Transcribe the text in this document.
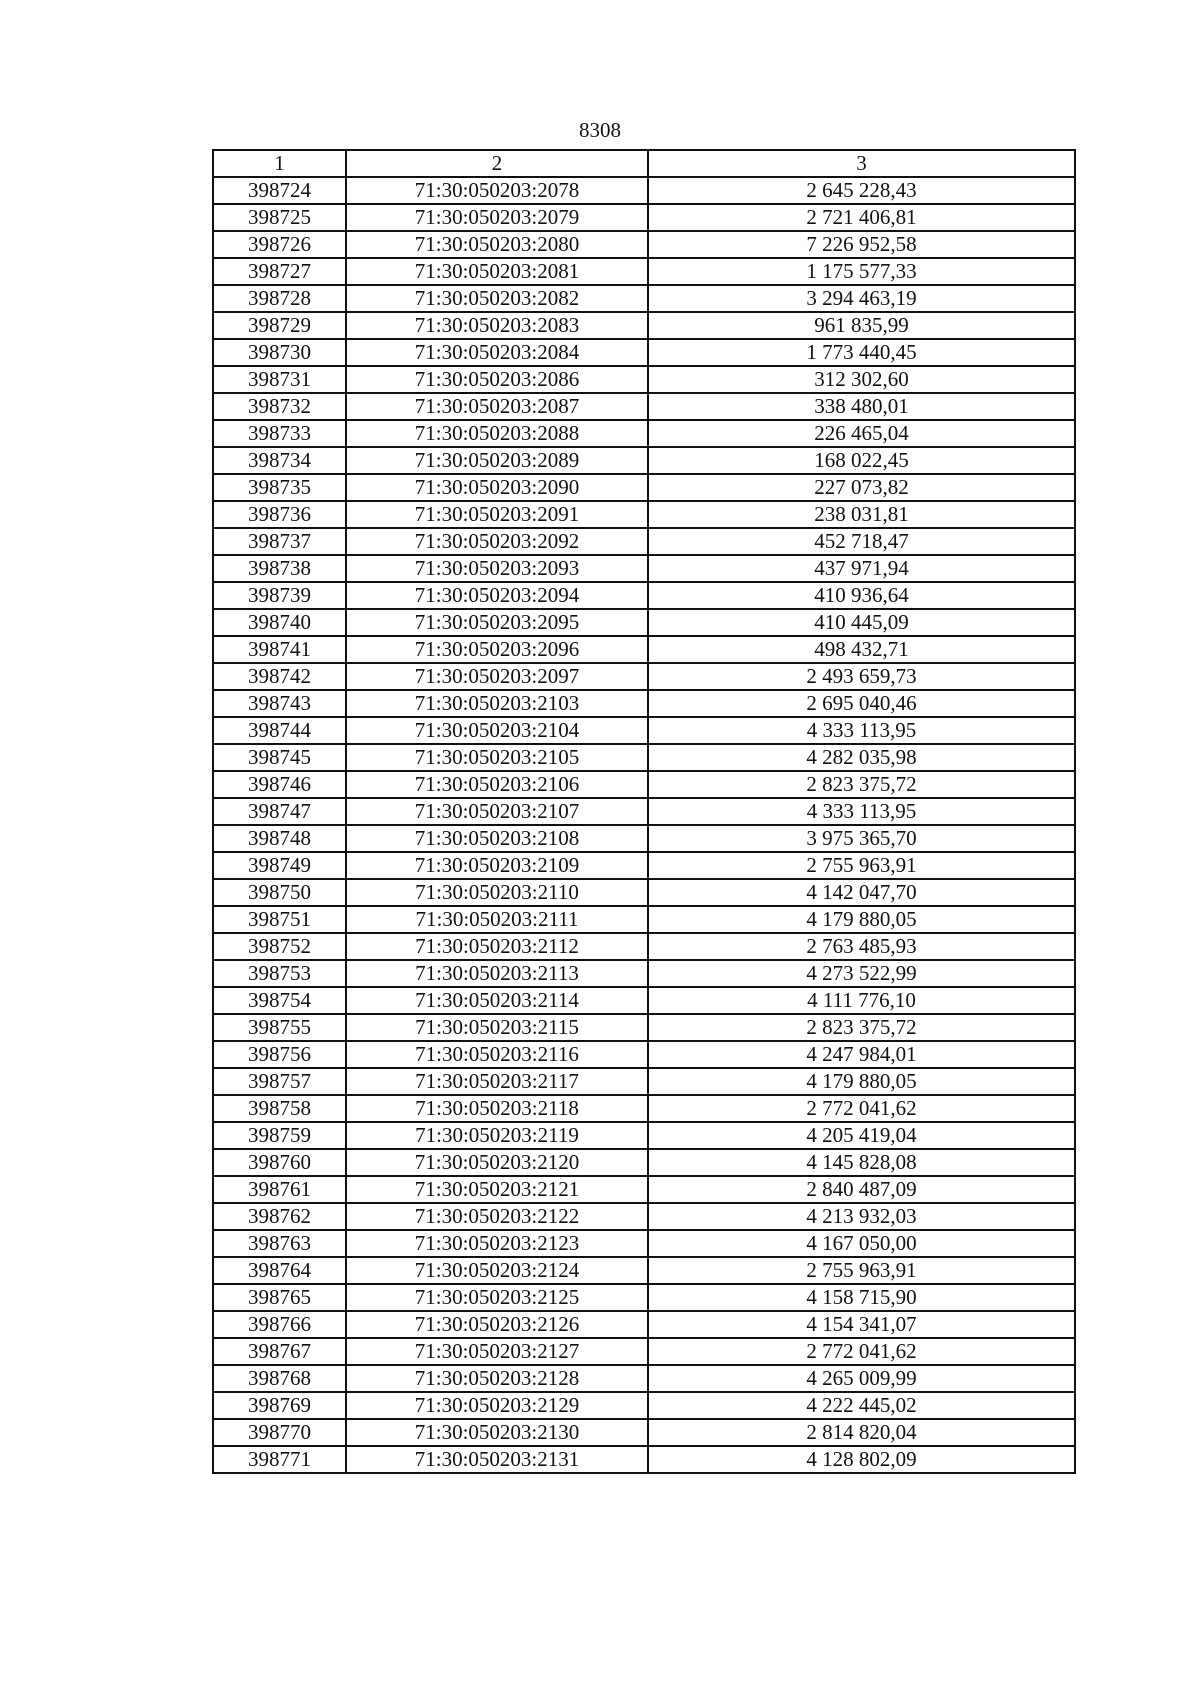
8308
1	2	3
398724	71:30:050203:2078	2 645 228,43
398725	71:30:050203:2079	2 721 406,81
398726	71:30:050203:2080	7 226 952,58
398727	71:30:050203:2081	1 175 577,33
398728	71:30:050203:2082	3 294 463,19
398729	71:30:050203:2083	961 835,99
398730	71:30:050203:2084	1 773 440,45
398731	71:30:050203:2086	312 302,60
398732	71:30:050203:2087	338 480,01
398733	71:30:050203:2088	226 465,04
398734	71:30:050203:2089	168 022,45
398735	71:30:050203:2090	227 073,82
398736	71:30:050203:2091	238 031,81
398737	71:30:050203:2092	452 718,47
398738	71:30:050203:2093	437 971,94
398739	71:30:050203:2094	410 936,64
398740	71:30:050203:2095	410 445,09
398741	71:30:050203:2096	498 432,71
398742	71:30:050203:2097	2 493 659,73
398743	71:30:050203:2103	2 695 040,46
398744	71:30:050203:2104	4 333 113,95
398745	71:30:050203:2105	4 282 035,98
398746	71:30:050203:2106	2 823 375,72
398747	71:30:050203:2107	4 333 113,95
398748	71:30:050203:2108	3 975 365,70
398749	71:30:050203:2109	2 755 963,91
398750	71:30:050203:2110	4 142 047,70
398751	71:30:050203:2111	4 179 880,05
398752	71:30:050203:2112	2 763 485,93
398753	71:30:050203:2113	4 273 522,99
398754	71:30:050203:2114	4 111 776,10
398755	71:30:050203:2115	2 823 375,72
398756	71:30:050203:2116	4 247 984,01
398757	71:30:050203:2117	4 179 880,05
398758	71:30:050203:2118	2 772 041,62
398759	71:30:050203:2119	4 205 419,04
398760	71:30:050203:2120	4 145 828,08
398761	71:30:050203:2121	2 840 487,09
398762	71:30:050203:2122	4 213 932,03
398763	71:30:050203:2123	4 167 050,00
398764	71:30:050203:2124	2 755 963,91
398765	71:30:050203:2125	4 158 715,90
398766	71:30:050203:2126	4 154 341,07
398767	71:30:050203:2127	2 772 041,62
398768	71:30:050203:2128	4 265 009,99
398769	71:30:050203:2129	4 222 445,02
398770	71:30:050203:2130	2 814 820,04
398771	71:30:050203:2131	4 128 802,09
